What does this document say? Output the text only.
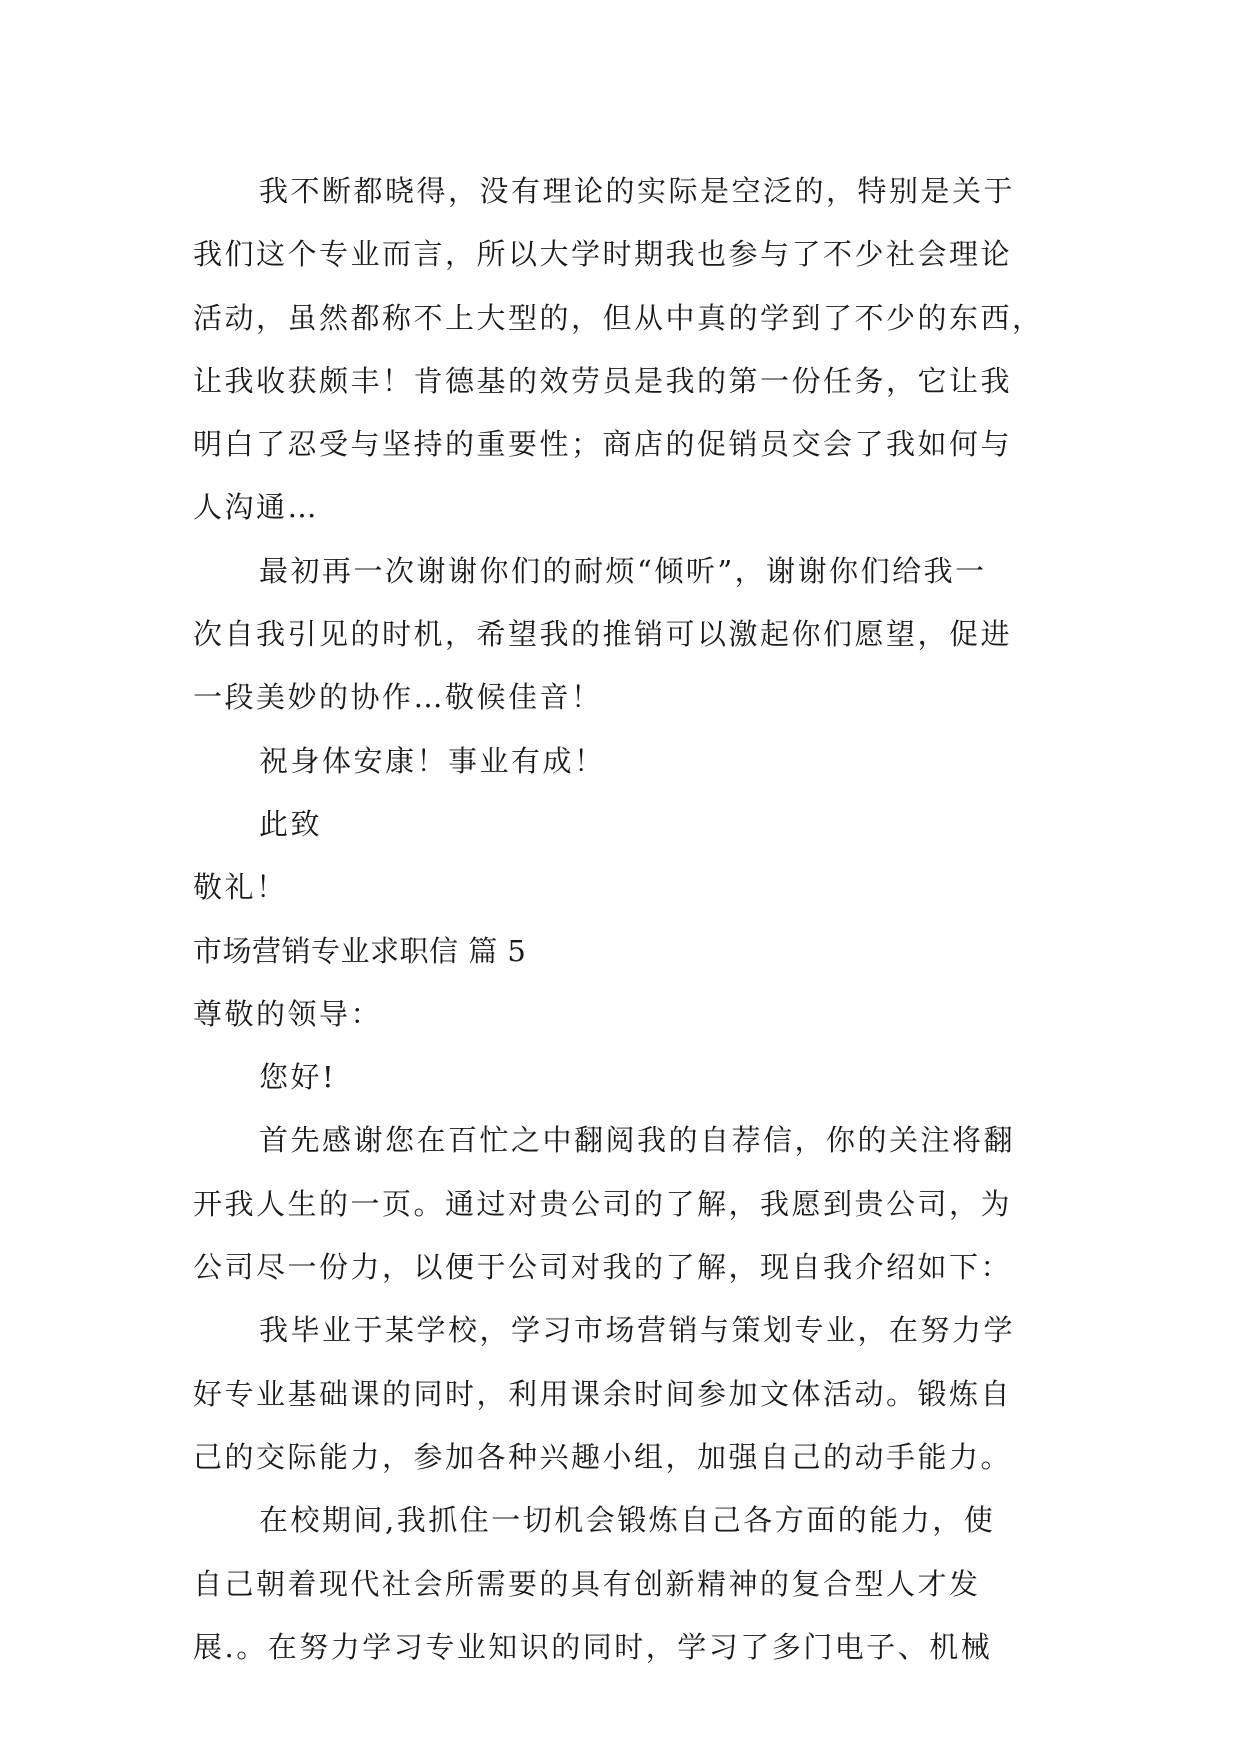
我不断都晓得，没有理论的实际是空泛的，特别是关于
我们这个专业而言，所以大学时期我也参与了不少社会理论
活动，虽然都称不上大型的，但从中真的学到了不少的东西，
让我收获颇丰！肯德基的效劳员是我的第一份任务，它让我
明白了忍受与坚持的重要性；商店的促销员交会了我如何与
人沟通…
最初再一次谢谢你们的耐烦“倾听”，谢谢你们给我一
次自我引见的时机，希望我的推销可以激起你们愿望，促进
一段美妙的协作…敬候佳音！
祝身体安康！事业有成！
此致
敬礼！
市场营销专业求职信 篇 5
尊敬的领导：
您好!
首先感谢您在百忙之中翻阅我的自荐信，你的关注将翻
开我人生的一页。通过对贵公司的了解，我愿到贵公司，为
公司尽一份力，以便于公司对我的了解，现自我介绍如下：
我毕业于某学校，学习市场营销与策划专业，在努力学
好专业基础课的同时，利用课余时间参加文体活动。锻炼自
己的交际能力，参加各种兴趣小组，加强自己的动手能力。
在校期间,我抓住一切机会锻炼自己各方面的能力，使
自己朝着现代社会所需要的具有创新精神的复合型人才发
展.。在努力学习专业知识的同时，学习了多门电子、机械
